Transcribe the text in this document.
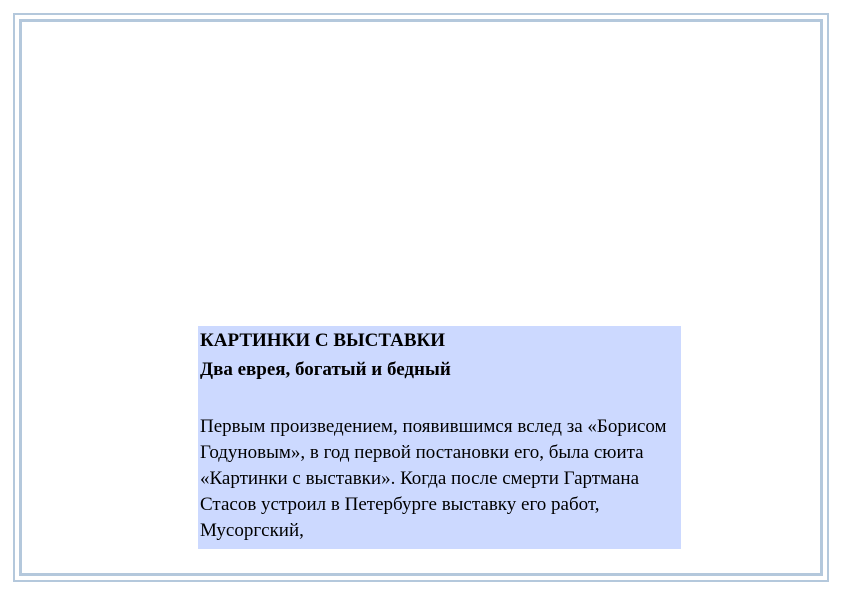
КАРТИНКИ С ВЫСТАВКИ
Два еврея, богатый и бедный
Первым произведением, появившимся вслед за «Борисом Годуновым», в год первой постановки его, была сюита «Картинки с выставки». Когда после смерти Гартмана Стасов устроил в Петербурге выставку его работ, Мусоргский,
